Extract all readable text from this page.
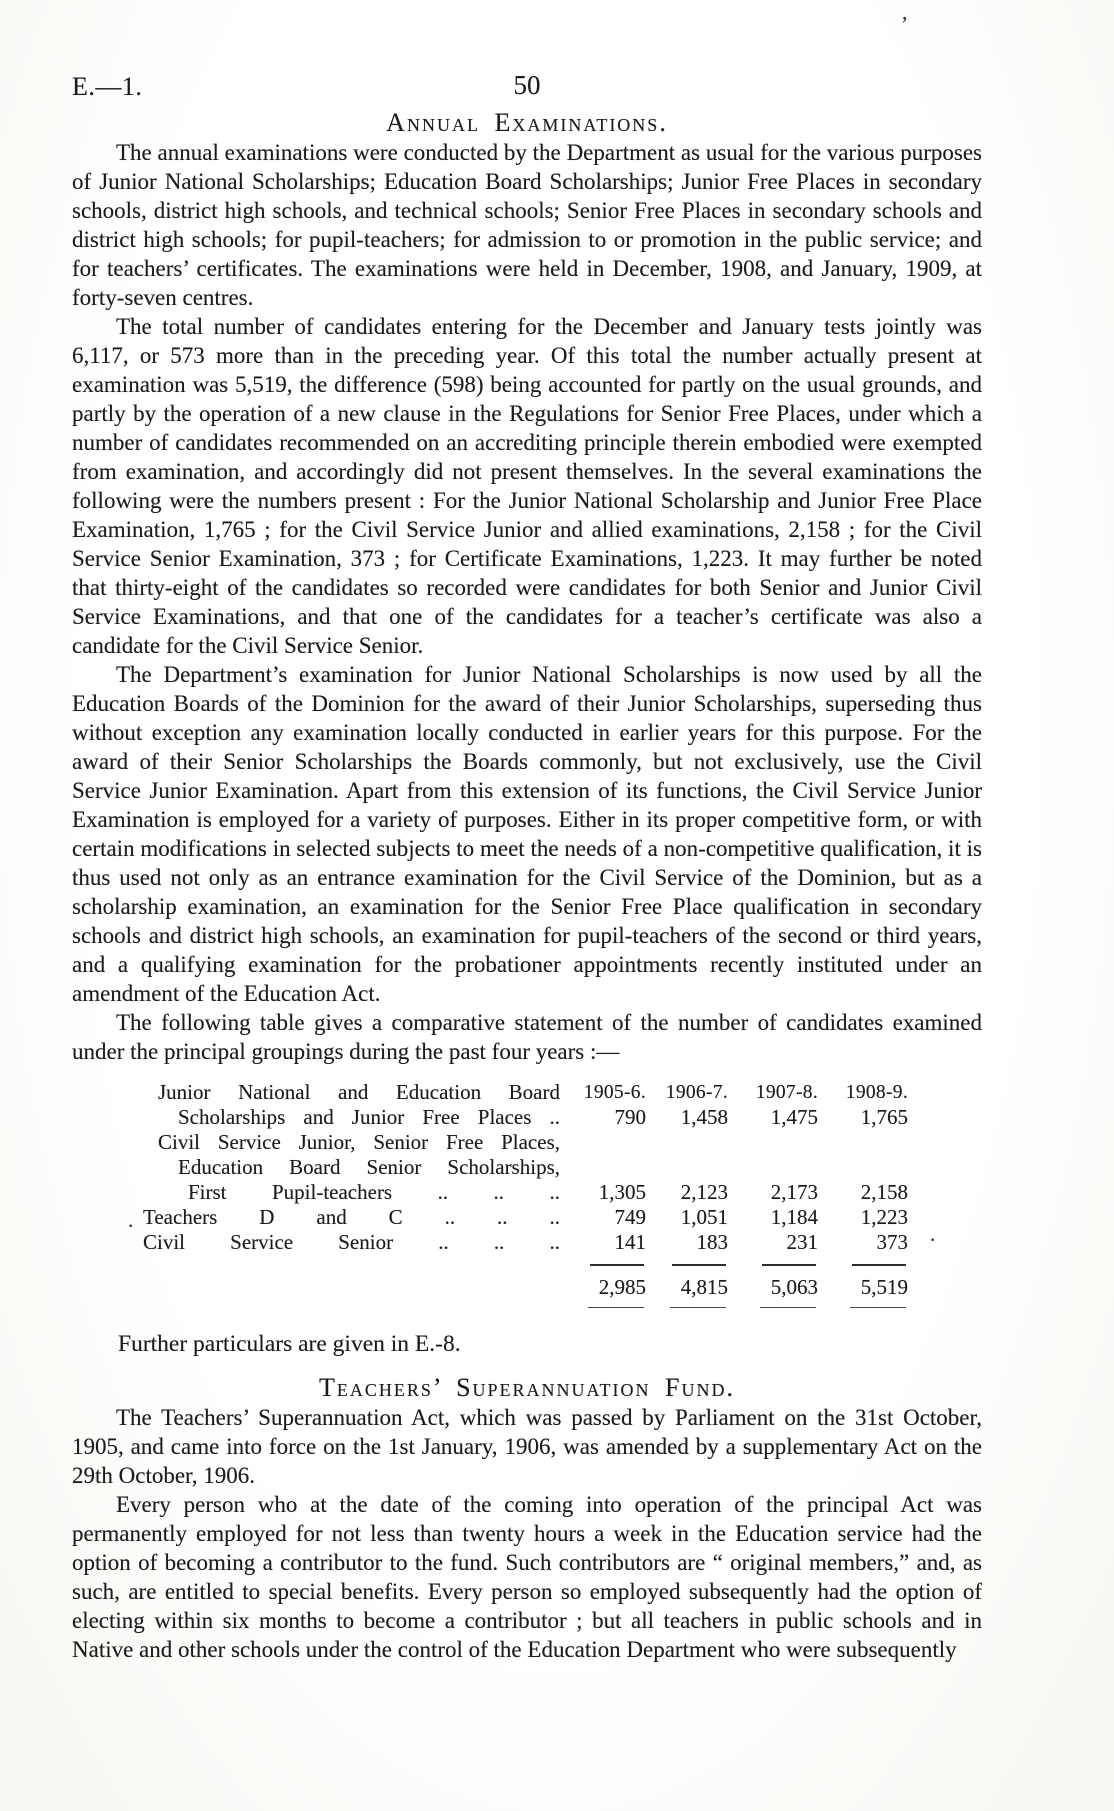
’
.
.
E.—1.	50
Annual Examinations.

The annual examinations were conducted by the Department as usual for the various purposes of Junior National Scholarships; Education Board Scholarships; Junior Free Places in secondary schools, district high schools, and technical schools; Senior Free Places in secondary schools and district high schools; for pupil-teachers; for admission to or promotion in the public service; and for teachers’ certificates. The examinations were held in December, 1908, and January, 1909, at forty-seven centres.

The total number of candidates entering for the December and January tests jointly was 6,117, or 573 more than in the preceding year. Of this total the number actually present at examination was 5,519, the difference (598) being accounted for partly on the usual grounds, and partly by the operation of a new clause in the Regulations for Senior Free Places, under which a number of candidates recommended on an accrediting principle therein embodied were exempted from examination, and accordingly did not present themselves. In the several examinations the following were the numbers present : For the Junior National Scholarship and Junior Free Place Examination, 1,765 ; for the Civil Service Junior and allied examinations, 2,158 ; for the Civil Service Senior Examination, 373 ; for Certificate Examinations, 1,223. It may further be noted that thirty-eight of the candidates so recorded were candidates for both Senior and Junior Civil Service Examinations, and that one of the candidates for a teacher’s certificate was also a candidate for the Civil Service Senior.

The Department’s examination for Junior National Scholarships is now used by all the Education Boards of the Dominion for the award of their Junior Scholarships, superseding thus without exception any examination locally conducted in earlier years for this purpose. For the award of their Senior Scholarships the Boards commonly, but not exclusively, use the Civil Service Junior Examination. Apart from this extension of its functions, the Civil Service Junior Examination is employed for a variety of purposes. Either in its proper competitive form, or with certain modifications in selected subjects to meet the needs of a non-competitive qualification, it is thus used not only as an entrance examination for the Civil Service of the Dominion, but as a scholarship examination, an examination for the Senior Free Place qualification in secondary schools and district high schools, an examination for pupil-teachers of the second or third years, and a qualifying examination for the probationer appointments recently instituted under an amendment of the Education Act.

The following table gives a comparative statement of the number of candidates examined under the principal groupings during the past four years :—

Junior National and Education Board	1905-6.	1906-7.	1907-8.	1908-9.
Scholarships and Junior Free Places ..	790	1,458	1,475	1,765
Civil Service Junior, Senior Free Places,
Education Board Senior Scholarships,
First Pupil-teachers .. .. ..	1,305	2,123	2,173	2,158
Teachers D and C .. .. ..	749	1,051	1,184	1,223
Civil Service Senior .. .. ..	141	183	231	373
2,985	4,815	5,063	5,519

Further particulars are given in E.-8.

Teachers’ Superannuation Fund.

The Teachers’ Superannuation Act, which was passed by Parliament on the 31st October, 1905, and came into force on the 1st January, 1906, was amended by a supplementary Act on the 29th October, 1906.

Every person who at the date of the coming into operation of the principal Act was permanently employed for not less than twenty hours a week in the Education service had the option of becoming a contributor to the fund. Such contributors are “ original members,” and, as such, are entitled to special benefits. Every person so employed subsequently had the option of electing within six months to become a contributor ; but all teachers in public schools and in Native and other schools under the control of the Education Department who were subsequently
